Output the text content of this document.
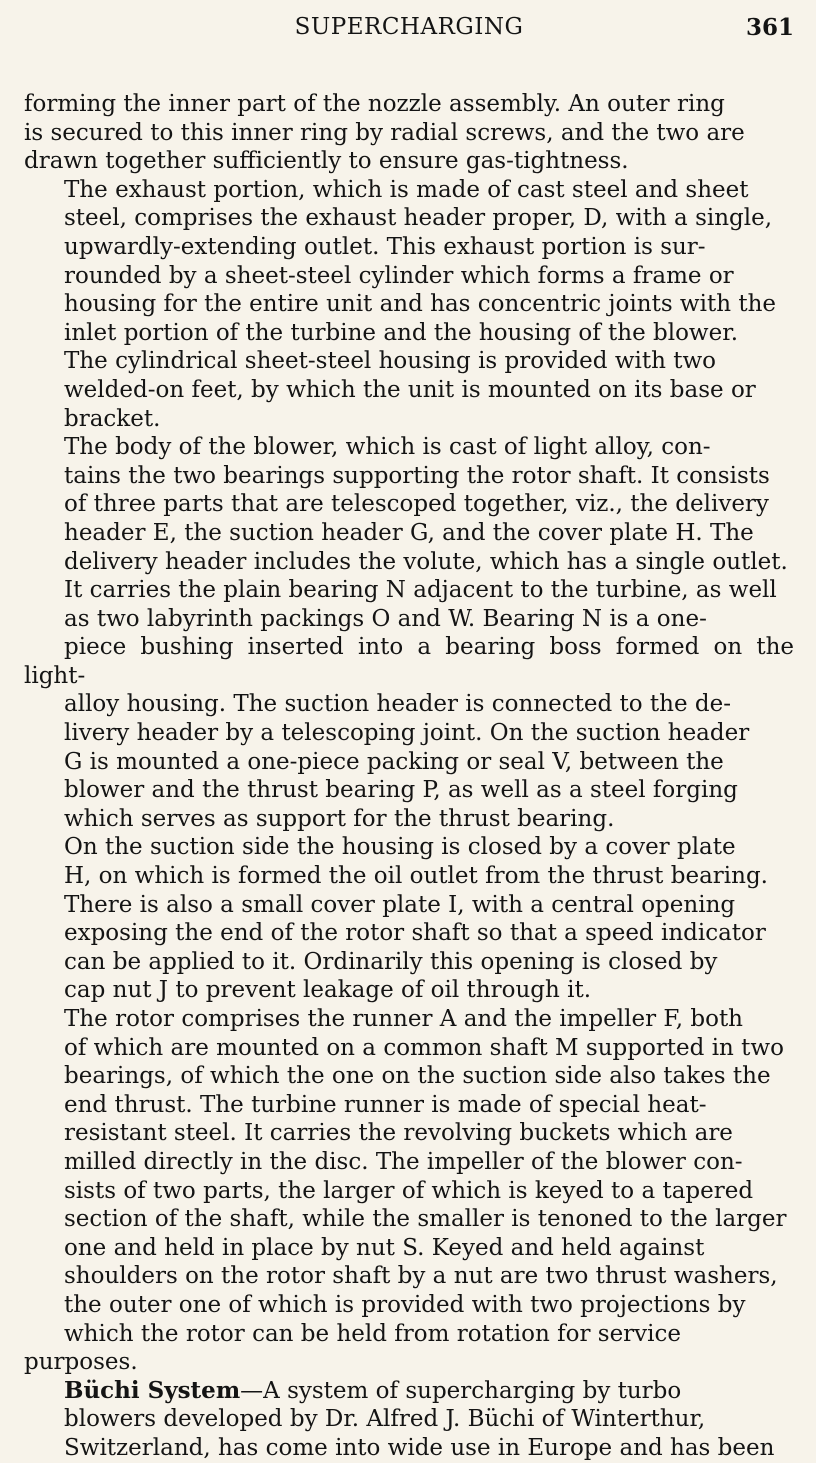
SUPERCHARGING	361

forming the inner part of the nozzle assembly. An outer ring
is secured to this inner ring by radial screws, and the two are
drawn together sufficiently to ensure gas-tightness.

The exhaust portion, which is made of cast steel and sheet
steel, comprises the exhaust header proper, D, with a single,
upwardly-extending outlet. This exhaust portion is sur-
rounded by a sheet-steel cylinder which forms a frame or
housing for the entire unit and has concentric joints with the
inlet portion of the turbine and the housing of the blower.
The cylindrical sheet-steel housing is provided with two
welded-on feet, by which the unit is mounted on its base or
bracket.

The body of the blower, which is cast of light alloy, con-
tains the two bearings supporting the rotor shaft. It consists
of three parts that are telescoped together, viz., the delivery
header E, the suction header G, and the cover plate H. The
delivery header includes the volute, which has a single outlet.
It carries the plain bearing N adjacent to the turbine, as well
as two labyrinth packings O and W. Bearing N is a one-
piece bushing inserted into a bearing boss formed on the light-
alloy housing. The suction header is connected to the de-
livery header by a telescoping joint. On the suction header
G is mounted a one-piece packing or seal V, between the
blower and the thrust bearing P, as well as a steel forging
which serves as support for the thrust bearing.

On the suction side the housing is closed by a cover plate
H, on which is formed the oil outlet from the thrust bearing.
There is also a small cover plate I, with a central opening
exposing the end of the rotor shaft so that a speed indicator
can be applied to it. Ordinarily this opening is closed by
cap nut J to prevent leakage of oil through it.

The rotor comprises the runner A and the impeller F, both
of which are mounted on a common shaft M supported in two
bearings, of which the one on the suction side also takes the
end thrust. The turbine runner is made of special heat-
resistant steel. It carries the revolving buckets which are
milled directly in the disc. The impeller of the blower con-
sists of two parts, the larger of which is keyed to a tapered
section of the shaft, while the smaller is tenoned to the larger
one and held in place by nut S. Keyed and held against
shoulders on the rotor shaft by a nut are two thrust washers,
the outer one of which is provided with two projections by
which the rotor can be held from rotation for service purposes.

Büchi System—A system of supercharging by turbo
blowers developed by Dr. Alfred J. Büchi of Winterthur,
Switzerland, has come into wide use in Europe and has been
